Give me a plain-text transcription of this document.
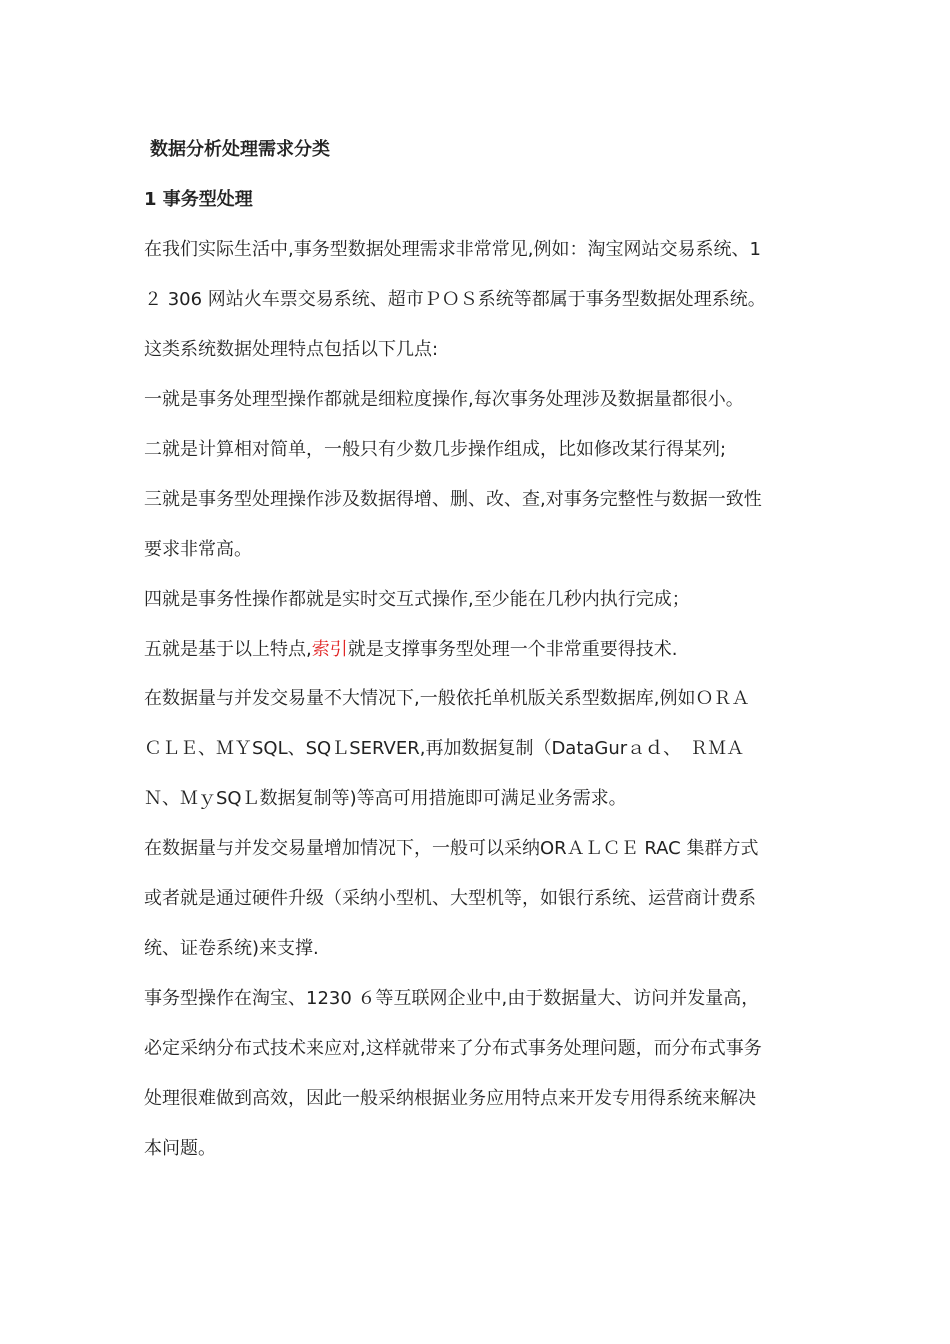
数据分析处理需求分类
1 事务型处理
在我们实际生活中,事务型数据处理需求非常常见,例如：淘宝网站交易系统、1
２ 306 网站火车票交易系统、超市ＰＯＳ系统等都属于事务型数据处理系统。
这类系统数据处理特点包括以下几点:
一就是事务处理型操作都就是细粒度操作,每次事务处理涉及数据量都很小。
二就是计算相对简单，一般只有少数几步操作组成，比如修改某行得某列;
三就是事务型处理操作涉及数据得增、删、改、查,对事务完整性与数据一致性
要求非常高。
四就是事务性操作都就是实时交互式操作,至少能在几秒内执行完成；
五就是基于以上特点,索引就是支撑事务型处理一个非常重要得技术.
在数据量与并发交易量不大情况下,一般依托单机版关系型数据库,例如ＯＲＡ
ＣＬＥ、ＭＹSQL、SQＬSERVER,再加数据复制（DataGurａｄ、　ＲＭＡ
Ｎ、ＭｙSQＬ数据复制等)等高可用措施即可满足业务需求。
在数据量与并发交易量增加情况下，一般可以采纳ORＡＬＣＥ RAC 集群方式
或者就是通过硬件升级（采纳小型机、大型机等，如银行系统、运营商计费系
统、证卷系统)来支撑.
事务型操作在淘宝、1230 ６等互联网企业中,由于数据量大、访问并发量高，
必定采纳分布式技术来应对,这样就带来了分布式事务处理问题，而分布式事务
处理很难做到高效，因此一般采纳根据业务应用特点来开发专用得系统来解决
本问题。
